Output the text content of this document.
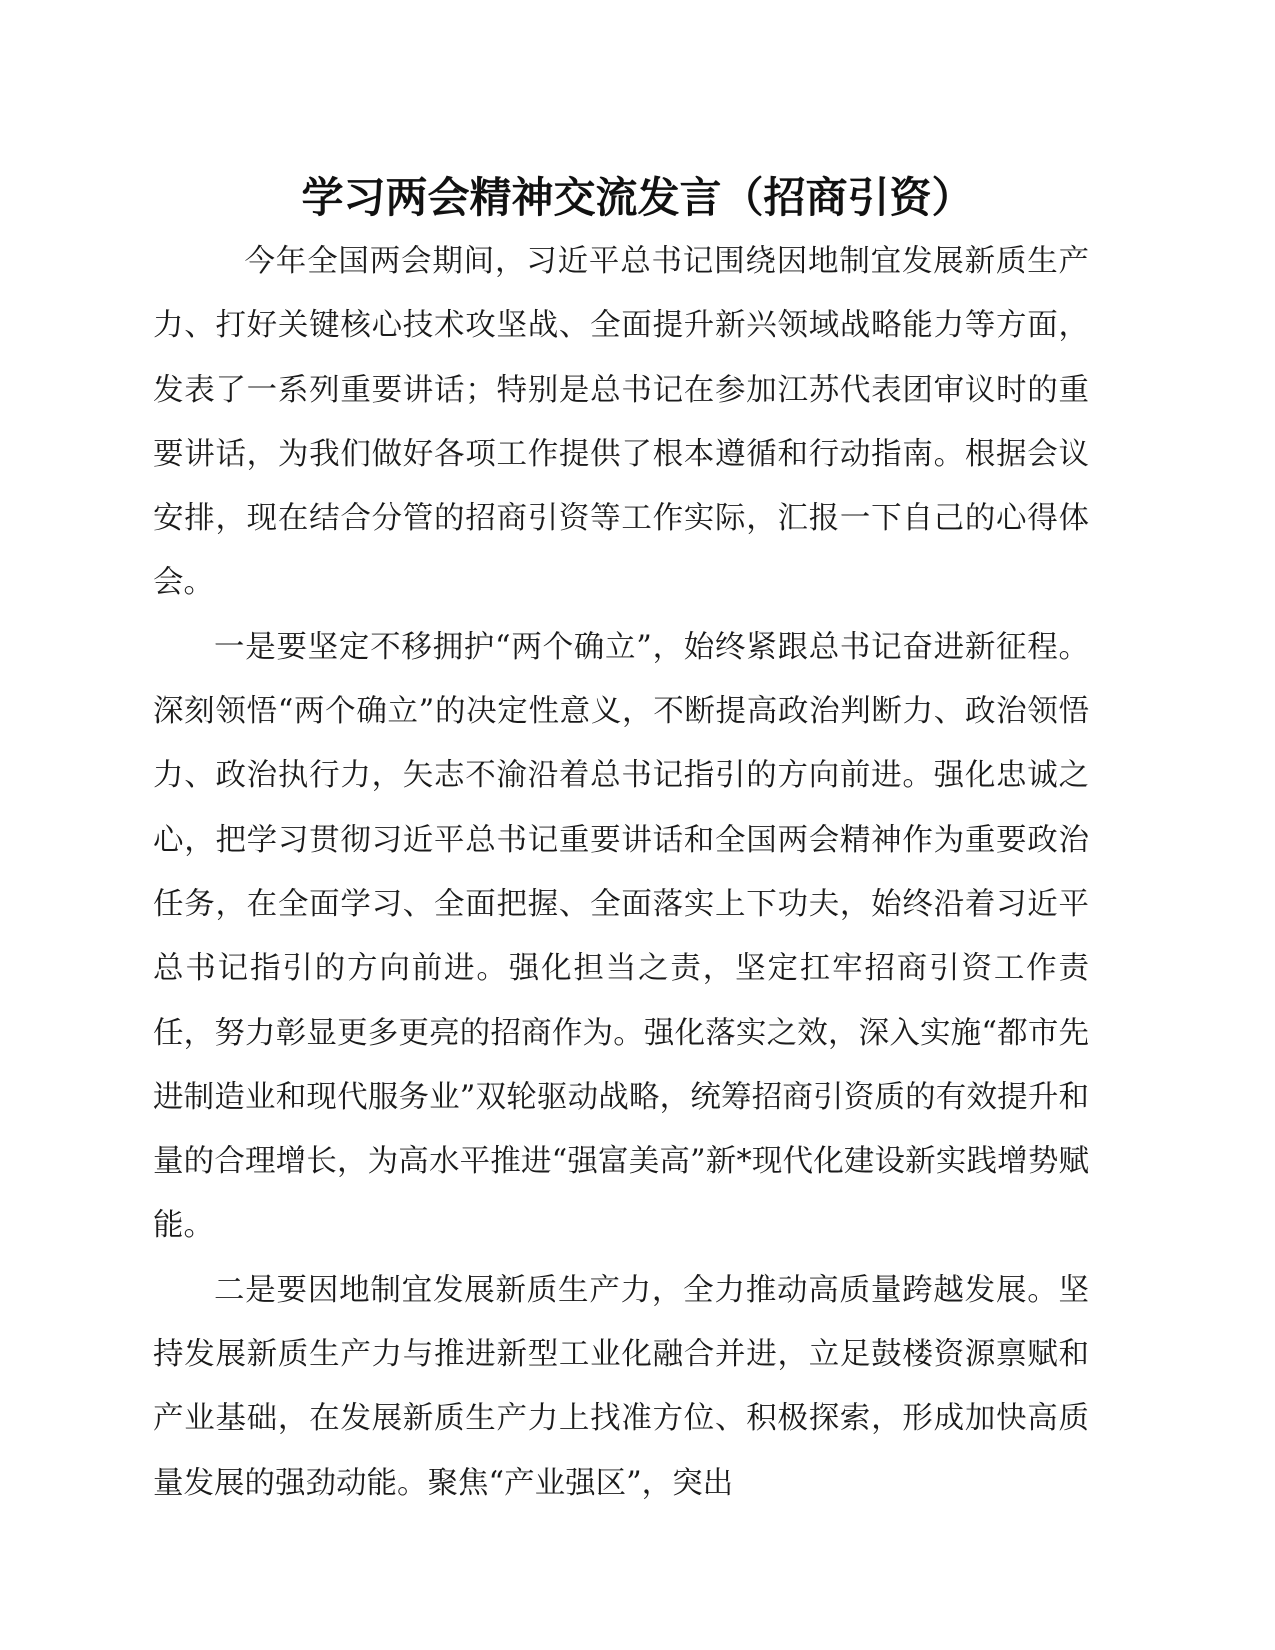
学习两会精神交流发言（招商引资）

今年全国两会期间，习近平总书记围绕因地制宜发展新质生产力、打好关键核心技术攻坚战、全面提升新兴领域战略能力等方面，发表了一系列重要讲话；特别是总书记在参加江苏代表团审议时的重要讲话，为我们做好各项工作提供了根本遵循和行动指南。根据会议安排，现在结合分管的招商引资等工作实际，汇报一下自己的心得体会。

一是要坚定不移拥护“两个确立”，始终紧跟总书记奋进新征程。深刻领悟“两个确立”的决定性意义，不断提高政治判断力、政治领悟力、政治执行力，矢志不渝沿着总书记指引的方向前进。强化忠诚之心，把学习贯彻习近平总书记重要讲话和全国两会精神作为重要政治任务，在全面学习、全面把握、全面落实上下功夫，始终沿着习近平总书记指引的方向前进。强化担当之责，坚定扛牢招商引资工作责任，努力彰显更多更亮的招商作为。强化落实之效，深入实施“都市先进制造业和现代服务业”双轮驱动战略，统筹招商引资质的有效提升和量的合理增长，为高水平推进“强富美高”新*现代化建设新实践增势赋能。

二是要因地制宜发展新质生产力，全力推动高质量跨越发展。坚持发展新质生产力与推进新型工业化融合并进，立足鼓楼资源禀赋和产业基础，在发展新质生产力上找准方位、积极探索，形成加快高质量发展的强劲动能。聚焦“产业强区”，突出
